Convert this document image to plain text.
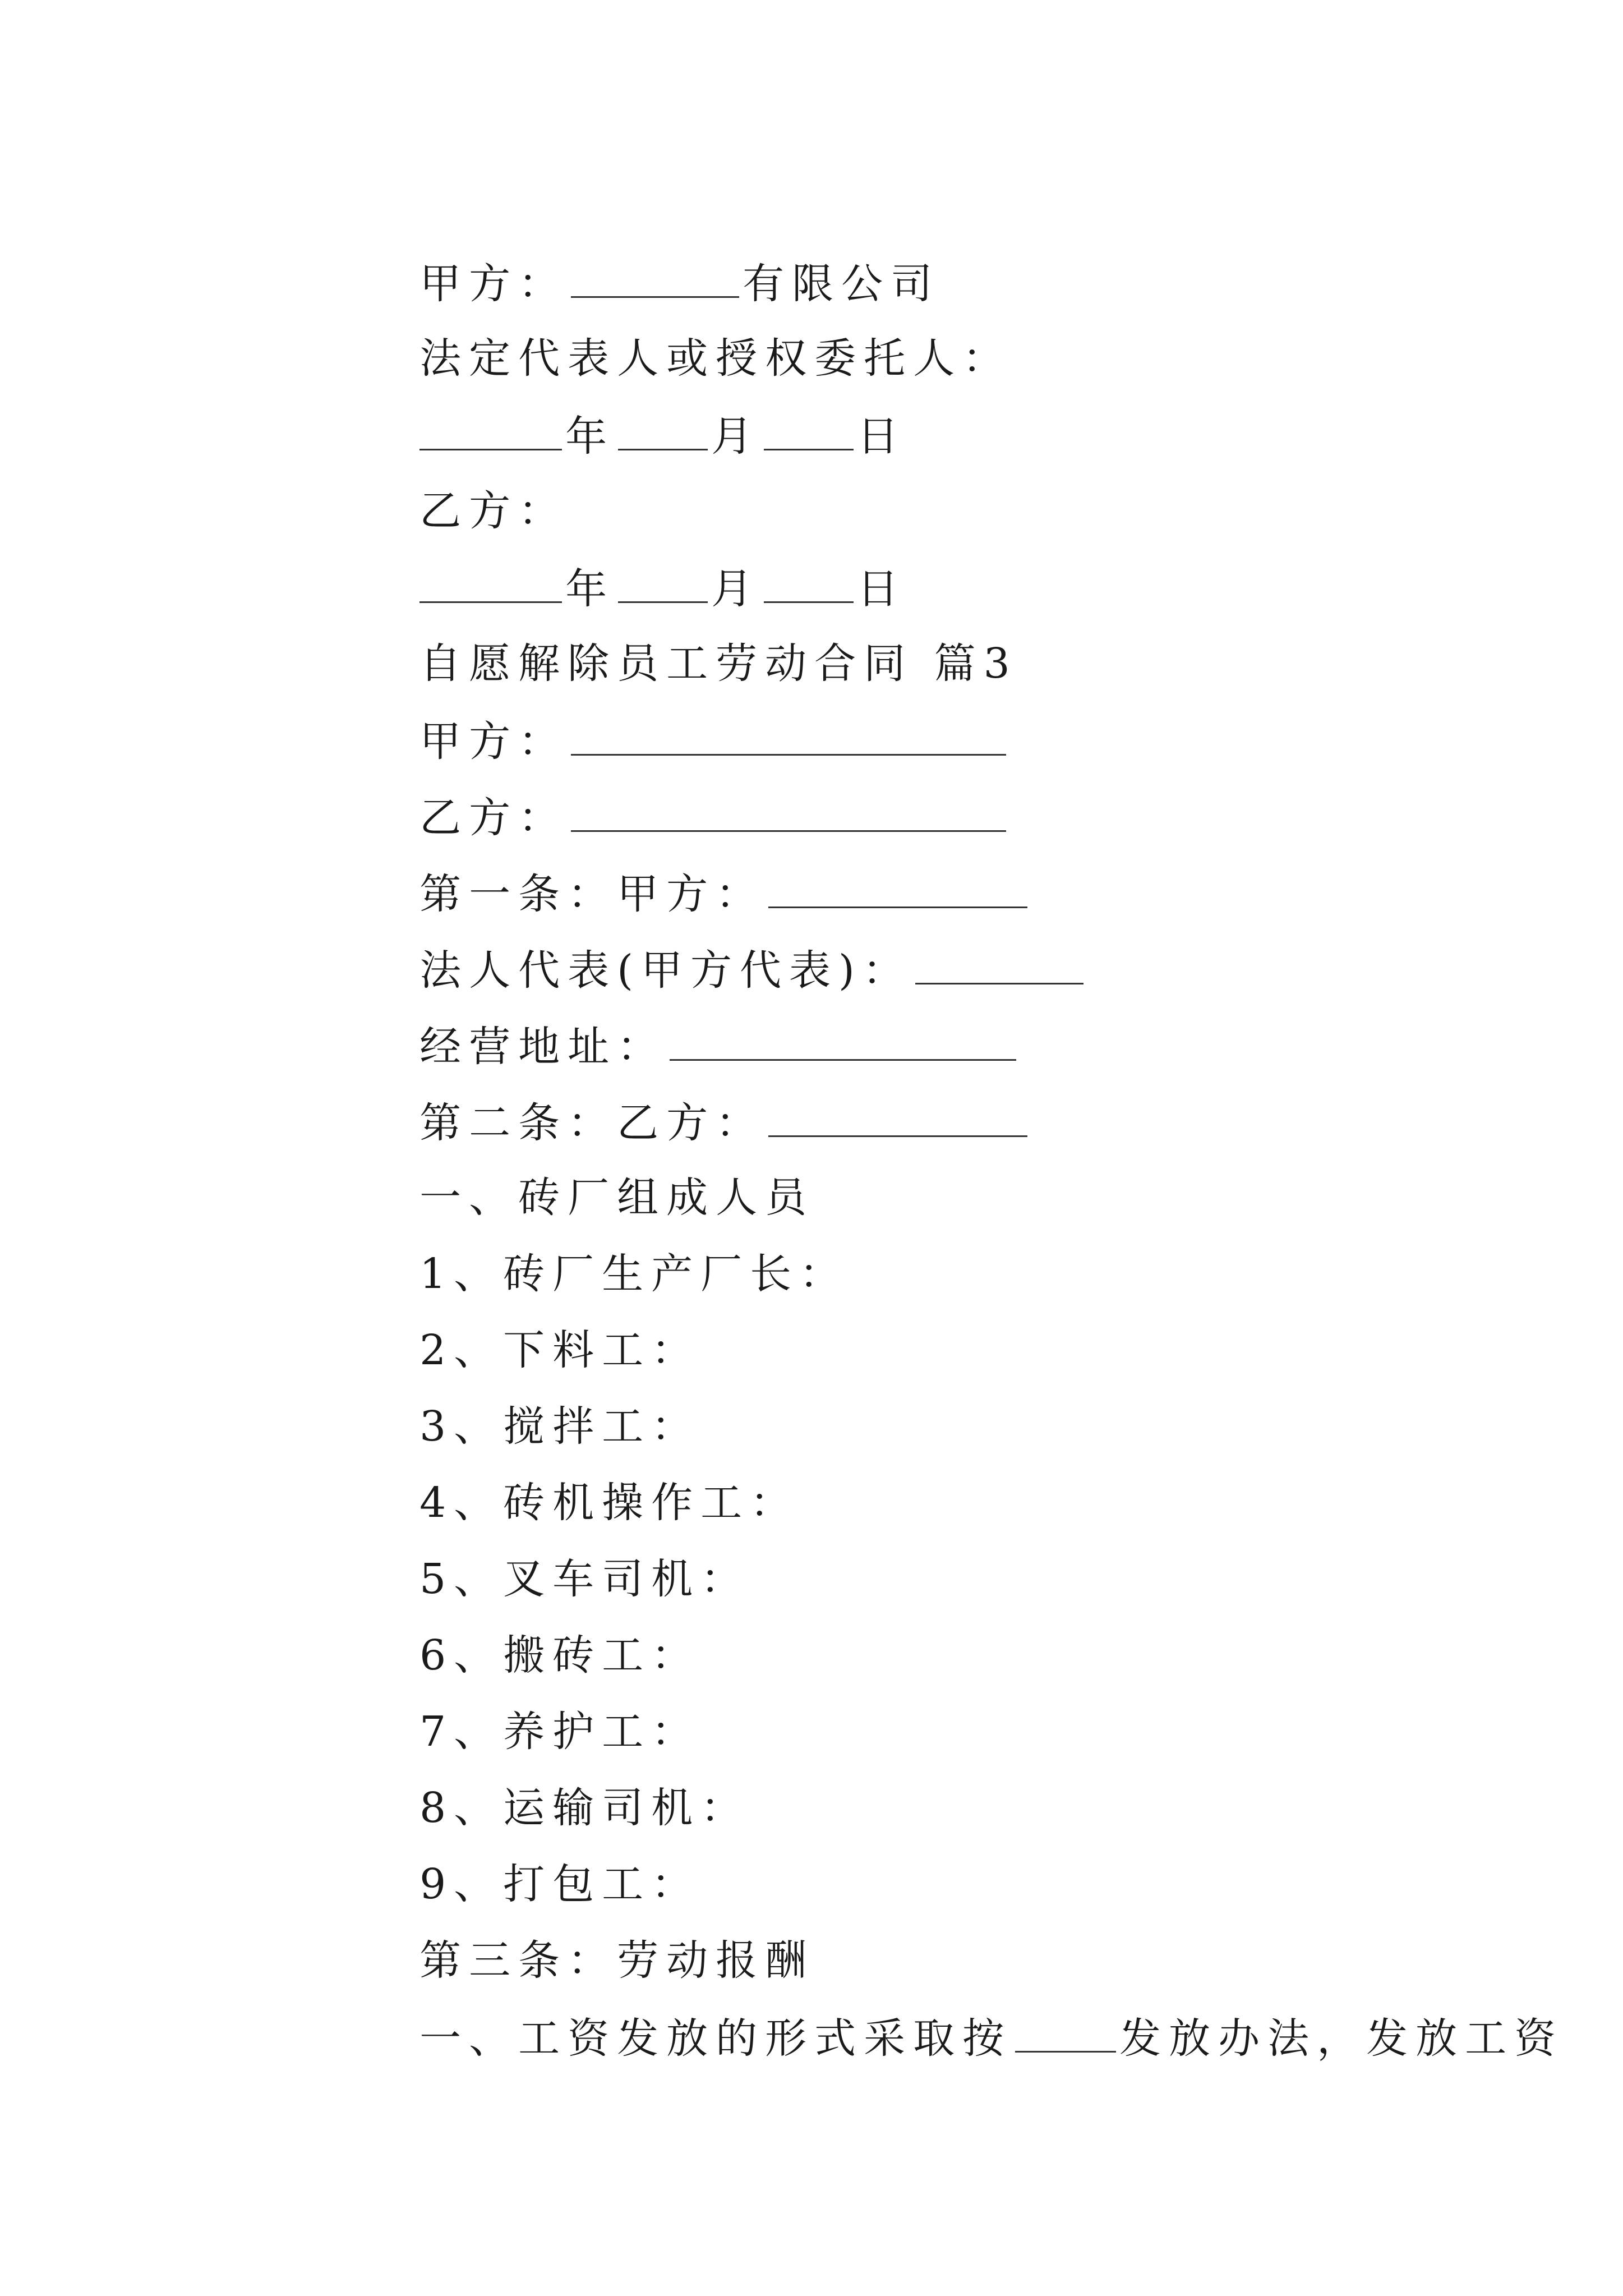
甲方：	有限公司

法定代表人或授权委托人：

年 月 日

乙方：

年 月 日

自愿解除员工劳动合同 篇3

甲方：

乙方：

第一条：甲方：

法人代表(甲方代表)：

经营地址：

第二条：乙方：

一、砖厂组成人员

1、砖厂生产厂长：

2、下料工：

3、搅拌工：

4、砖机操作工：

5、叉车司机：

6、搬砖工：

7、养护工：

8、运输司机：

9、打包工：

第三条：劳动报酬

一、工资发放的形式采取按	发放办法，发放工资
